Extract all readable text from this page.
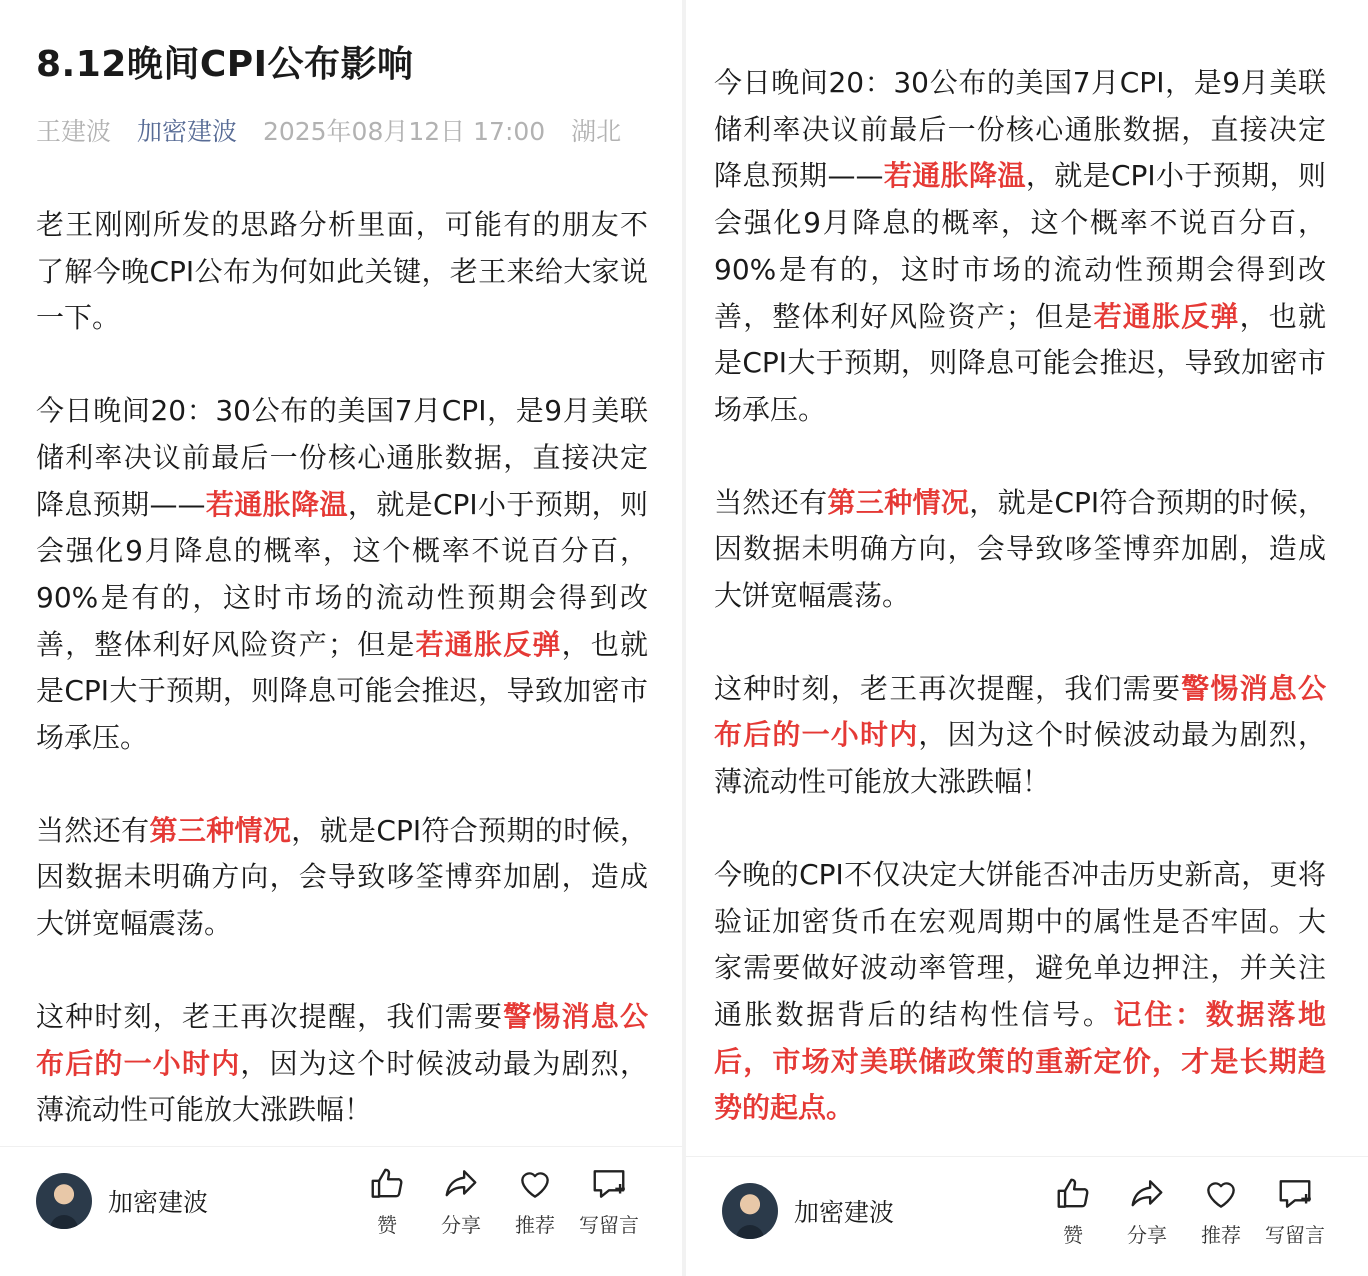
8.12晚间CPI公布影响
王建波 加密建波 2025年08月12日 17:00 湖北

老王刚刚所发的思路分析里面，可能有的朋友不了解今晚CPI公布为何如此关键，老王来给大家说一下。

今日晚间20：30公布的美国7月CPI，是9月美联储利率决议前最后一份核心通胀数据，直接决定降息预期——若通胀降温，就是CPI小于预期，则会强化9月降息的概率，这个概率不说百分百，90%是有的，这时市场的流动性预期会得到改善，整体利好风险资产；但是若通胀反弹，也就是CPI大于预期，则降息可能会推迟，导致加密市场承压。

当然还有第三种情况，就是CPI符合预期的时候，因数据未明确方向，会导致哆筌博弈加剧，造成大饼宽幅震荡。

这种时刻，老王再次提醒，我们需要警惕消息公布后的一小时内，因为这个时候波动最为剧烈，薄流动性可能放大涨跌幅！

加密建波
赞 分享 推荐 写留言	加密建波
赞 分享 推荐 写留言

今日晚间20：30公布的美国7月CPI，是9月美联储利率决议前最后一份核心通胀数据，直接决定降息预期——若通胀降温，就是CPI小于预期，则会强化9月降息的概率，这个概率不说百分百，90%是有的，这时市场的流动性预期会得到改善，整体利好风险资产；但是若通胀反弹，也就是CPI大于预期，则降息可能会推迟，导致加密市场承压。

当然还有第三种情况，就是CPI符合预期的时候，因数据未明确方向，会导致哆筌博弈加剧，造成大饼宽幅震荡。

这种时刻，老王再次提醒，我们需要警惕消息公布后的一小时内，因为这个时候波动最为剧烈，薄流动性可能放大涨跌幅！

今晚的CPI不仅决定大饼能否冲击历史新高，更将验证加密货币在宏观周期中的属性是否牢固。大家需要做好波动率管理，避免单边押注，并关注通胀数据背后的结构性信号。记住：数据落地后，市场对美联储政策的重新定价，才是长期趋势的起点。
